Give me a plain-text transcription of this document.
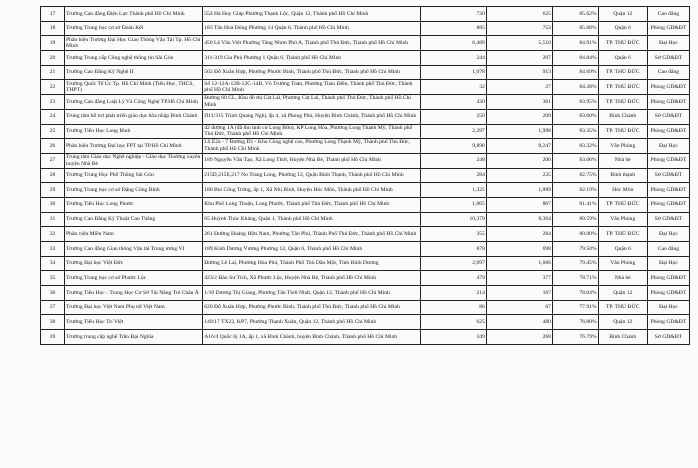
17	Trường Cao đẳng Điện Lực Thành phố Hồ Chí Minh	554 Hà Huy Giáp Phường Thạnh Lộc, Quận 12, Thành phố Hồ Chí Minh	730	625	85.62%	Quận 12	Cao đẳng
18	Trường Trung học cơ sở Đoàn Kết	183 Tân Hoà Đông Phường 14 Quận 6, Thành phố Hồ Chí Minh	885	753	85.08%	Quận 6	Phòng GD&ĐT
19	Phân hiệu Trường Đại Học Giao Thông Vận Tải Tp. Hồ Chí Minh	450 Lê Văn Việt Phường Tăng Nhơn Phú A, Thành phố Thủ Đức, Thành phố Hồ Chí Minh	6,489	5,510	84.91%	TP. THỦ ĐỨC	Đại Học
20	Trường Trung cấp Công nghệ thông tin Sài Gòn	311-319 Gia Phú Phường 1 Quận 6, Thành phố Hồ Chí Minh	244	207	84.84%	Quận 6	Sở GD&ĐT
21	Trường Cao Đẳng Kỹ Nghệ II	502 Đỗ Xuân Hợp, Phường Phước Bình, Thành phố Thủ Đức, Thành phố Hồ Chí Minh	1,078	913	84.69%	TP. THỦ ĐỨC	Cao đẳng
22	Trường Quốc Tế Úc Tp. Hồ Chí Minh (Tiểu Học, THCS, THPT)	Số 12-12A-12B-12C-14B, Võ Trường Toản, Phường Thảo Điền, Thành phố Thủ Đức, Thành phố Hồ Chí Minh	32	27	84.38%	TP. THỦ ĐỨC	Phòng GD&ĐT
23	Trường Cao đẳng Luật Lý Và Công Nghệ TP.Hồ Chí Minh	Đường 60 CL, Khu đô thị Cát Lái, Phường Cát Lái, Thành phố Thủ Đức, Thành phố Hồ Chí Minh	430	361	83.95%	TP. THỦ ĐỨC	Phòng GD&ĐT
24	Trung tâm hỗ trợ phát triển giáo dục hòa nhập Bình Chánh	D11/315 Trịnh Quang Nghị, ấp 4, xã Phong Phú, Huyện Bình Chánh, Thành phố Hồ Chí Minh	250	209	83.60%	Bình Chánh	Sở GD&ĐT
25	Trường Tiểu Học Long Bình	42 đường 1A (đã thu tịnh cư Long Bửu), KP Long Hòa, Phường Long Thạnh Mỹ, Thành phố Thủ Đức, Thành phố Hồ Chí Minh	2,397	1,998	83.35%	TP. THỦ ĐỨC	Phòng GD&ĐT
26	Phân hiệu Trường Đại học FPT tại TP.Hồ Chí Minh	Lô E2a - 7 Đường D1 - Khu Công nghệ cao, Phường Long Thạnh Mỹ, Thành phố Thủ Đức, Thành phố Hồ Chí Minh	9,898	8,247	83.32%	Văn Phòng	Đại Học
27	Trung tâm Giáo dục Nghề nghiệp - Giáo dục Thường xuyên huyện Nhà Bè	189 Nguyễn Văn Tạo, Xã Long Thới, Huyện Nhà Bè, Thành phố Hồ Chí Minh	248	206	83.06%	Nhà bè	Phòng GD&ĐT
28	Trường Trung Học Phổ Thông Sài Gòn	215D,215E,217 No Trang Long, Phường 12, Quận Bình Thạnh, Thành phố Hồ Chí Minh	284	235	82.75%	Bình thạnh	Sở GD&ĐT
29	Trường Trung học cơ sở Đặng Công Bỉnh	180 Bùi Công Trừng, ấp 1, Xã Nhị Bình, Huyện Hóc Môn, Thành phố Hồ Chí Minh	1,325	1,089	82.19%	Hóc Môn	Phòng GD&ĐT
30	Trường Tiểu Học Long Phước	Khu Phố Long Thuận, Long Phước, Thành phố Thủ Đức, Thành phố Hồ Chí Minh	1,065	867	81.41%	TP. THỦ ĐỨC	Phòng GD&ĐT
31	Trường Cao Đẳng Kỹ Thuật Cao Thắng	65 Huỳnh Thúc Kháng, Quận 1, Thành phố Hồ Chí Minh	10,379	8,364	80.59%	Văn Phòng	Sở GD&ĐT
32	Phân viện Miền Nam	261 Đường Hoàng Hữu Nam, Phường Tân Phú, Thành Phố Thủ Đức, Thành phố Hồ Chí Minh	355	284	80.00%	TP. THỦ ĐỨC	Đại Học
33	Trường Cao đẳng Giao thông Vận tải Trung ương VI	189 Kinh Dương Vương Phường 12, Quận 6, Thành phố Hồ Chí Minh	878	698	79.50%	Quận 6	Cao đẳng
34	Trường Đại học Việt Đức	Đường Lê Lai, Phường Hòa Phú, Thành Phố Thủ Dầu Một, Tỉnh Bình Dương	2,097	1,666	79.45%	Văn Phòng	Đại Học
35	Trường Trung học cơ sở Phước Lộc	423/2 Đào Sư Tích, Xã Phước Lộc, Huyện Nhà Bè, Thành phố Hồ Chí Minh	479	377	78.71%	Nhà bè	Phòng GD&ĐT
36	Trường Tiểu Học - Trung Học Cơ Sở Tài Năng Trẻ Châu Á	1/10 Dương Thị Giang, Phường Tân Thới Nhất, Quận 12, Thành phố Hồ Chí Minh	214	167	78.04%	Quận 12	Phòng GD&ĐT
37	Trường Đại học Việt Nam Phụ nữ Việt Nam	620 Đỗ Xuân Hợp, Phường Phước Bình, Thành phố Thủ Đức, Thành phố Hồ Chí Minh	86	67	77.91%	TP. THỦ ĐỨC	Đại Học
38	Trường Tiểu Học Trí Việt	140/17 TX22, KP7, Phường Thạnh Xuân, Quận 12, Thành phố Hồ Chí Minh	625	480	76.80%	Quận 12	Phòng GD&ĐT
39	Trường trung cấp nghề Trần Đại Nghĩa	A16/4 Quốc lộ 1A, ấp 1, xã Bình Chánh, huyện Bình Chánh, Thành phố Hồ Chí Minh	349	268	76.79%	Bình Chánh	Sở GD&ĐT
